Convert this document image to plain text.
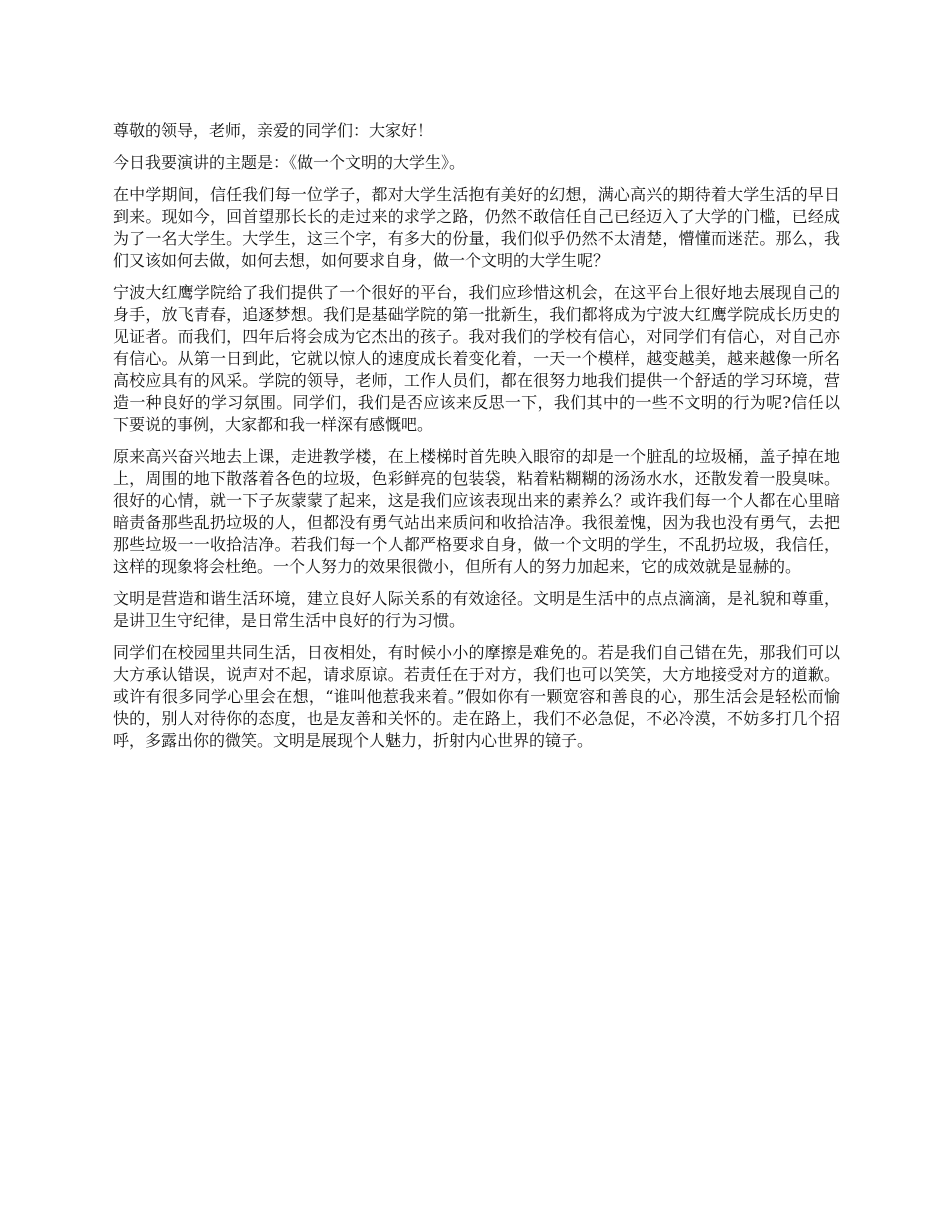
尊敬的领导，老师，亲爱的同学们：大家好！

今日我要演讲的主题是：《做一个文明的大学生》。

在中学期间，信任我们每一位学子，都对大学生活抱有美好的幻想，满心高兴的期待着大学生活的早日到来。现如今，回首望那长长的走过来的求学之路，仍然不敢信任自己已经迈入了大学的门槛，已经成为了一名大学生。大学生，这三个字，有多大的份量，我们似乎仍然不太清楚，懵懂而迷茫。那么，我们又该如何去做，如何去想，如何要求自身，做一个文明的大学生呢？

宁波大红鹰学院给了我们提供了一个很好的平台，我们应珍惜这机会，在这平台上很好地去展现自己的身手，放飞青春，追逐梦想。我们是基础学院的第一批新生，我们都将成为宁波大红鹰学院成长历史的见证者。而我们，四年后将会成为它杰出的孩子。我对我们的学校有信心，对同学们有信心，对自己亦有信心。从第一日到此，它就以惊人的速度成长着变化着，一天一个模样，越变越美，越来越像一所名高校应具有的风采。学院的领导，老师，工作人员们，都在很努力地我们提供一个舒适的学习环境，营造一种良好的学习氛围。同学们，我们是否应该来反思一下，我们其中的一些不文明的行为呢?信任以下要说的事例，大家都和我一样深有感慨吧。

原来高兴奋兴地去上课，走进教学楼，在上楼梯时首先映入眼帘的却是一个脏乱的垃圾桶，盖子掉在地上，周围的地下散落着各色的垃圾，色彩鲜亮的包装袋，粘着粘糊糊的汤汤水水，还散发着一股臭味。很好的心情，就一下子灰蒙蒙了起来，这是我们应该表现出来的素养么？或许我们每一个人都在心里暗暗责备那些乱扔垃圾的人，但都没有勇气站出来质问和收拾洁净。我很羞愧，因为我也没有勇气，去把那些垃圾一一收拾洁净。若我们每一个人都严格要求自身，做一个文明的学生，不乱扔垃圾，我信任，这样的现象将会杜绝。一个人努力的效果很微小，但所有人的努力加起来，它的成效就是显赫的。

文明是营造和谐生活环境，建立良好人际关系的有效途径。文明是生活中的点点滴滴，是礼貌和尊重，是讲卫生守纪律，是日常生活中良好的行为习惯。

同学们在校园里共同生活，日夜相处，有时候小小的摩擦是难免的。若是我们自己错在先，那我们可以大方承认错误，说声对不起，请求原谅。若责任在于对方，我们也可以笑笑，大方地接受对方的道歉。或许有很多同学心里会在想，“谁叫他惹我来着。”假如你有一颗宽容和善良的心，那生活会是轻松而愉快的，别人对待你的态度，也是友善和关怀的。走在路上，我们不必急促，不必冷漠，不妨多打几个招呼，多露出你的微笑。文明是展现个人魅力，折射内心世界的镜子。
